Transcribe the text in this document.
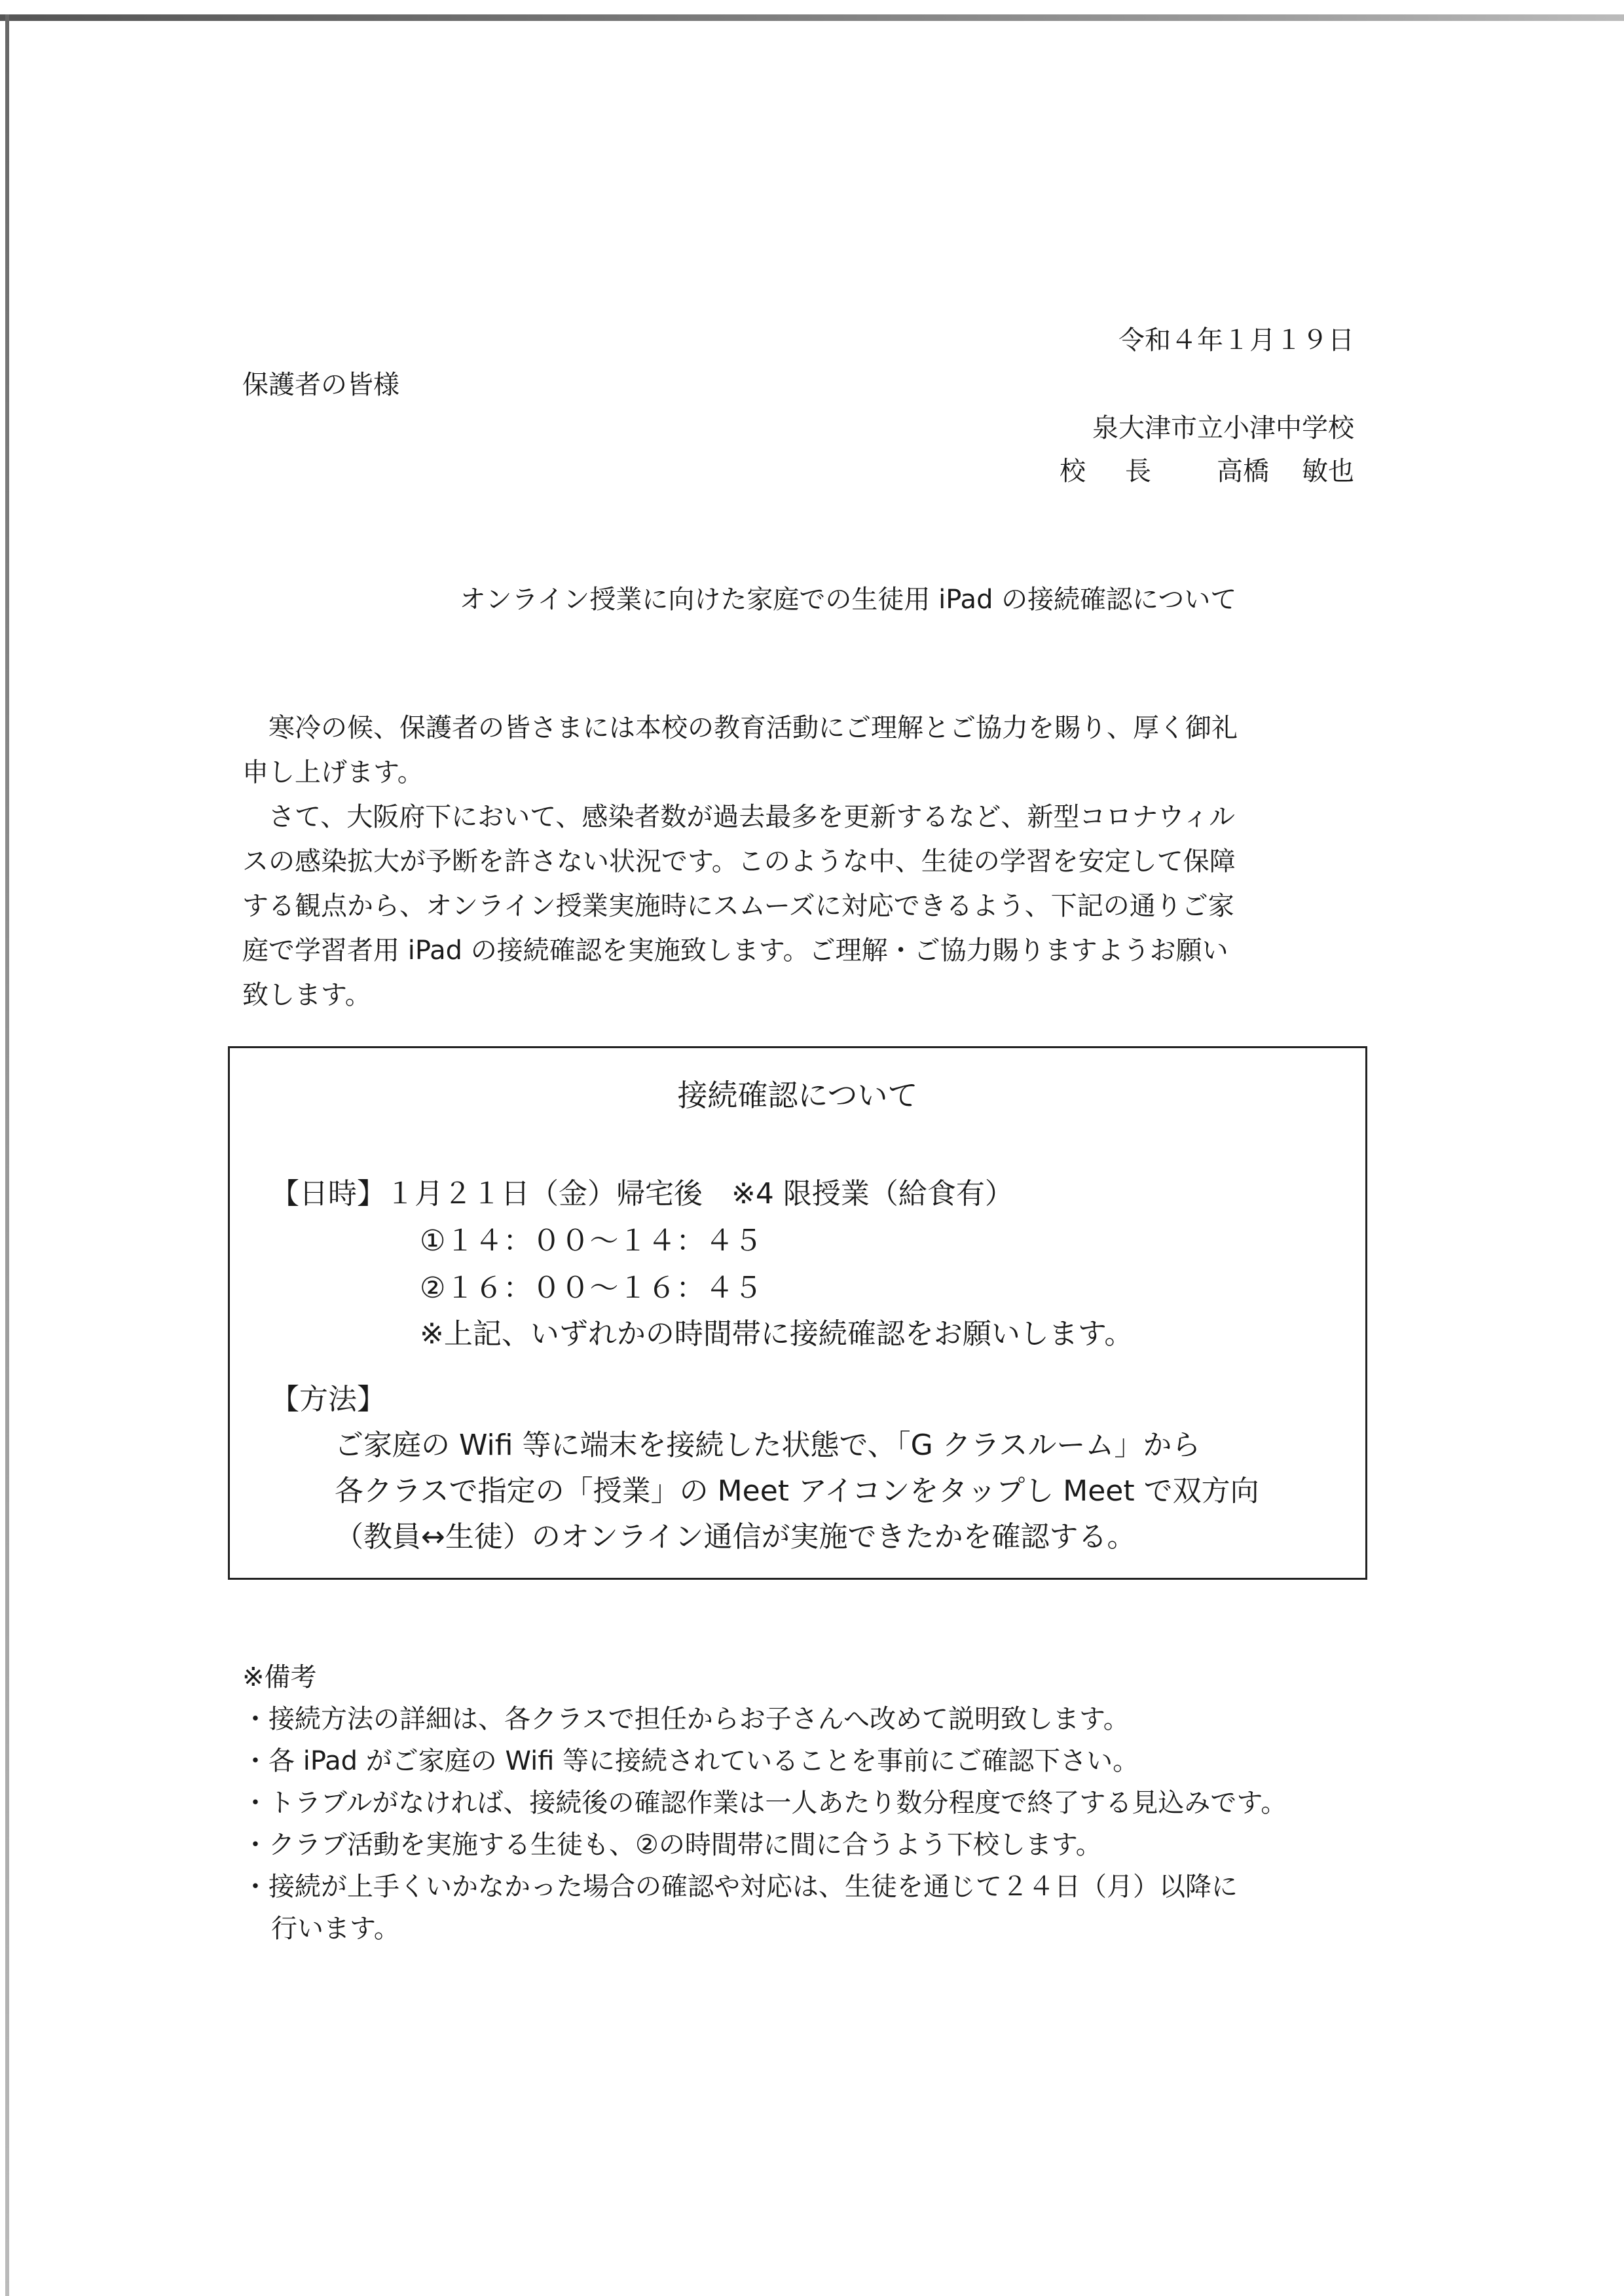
令和４年１月１９日
保護者の皆様
泉大津市立小津中学校
校 長	高橋 敏也
オンライン授業に向けた家庭での生徒用 iPad の接続確認について

　寒冷の候、保護者の皆さまには本校の教育活動にご理解とご協力を賜り、厚く御礼

申し上げます。

　さて、大阪府下において、感染者数が過去最多を更新するなど、新型コロナウィル

スの感染拡大が予断を許さない状況です。このような中、生徒の学習を安定して保障

する観点から、オンライン授業実施時にスムーズに対応できるよう、下記の通りご家

庭で学習者用 iPad の接続確認を実施致します。ご理解・ご協力賜りますようお願い

致します。

接続確認について
【日時】１月２１日（金）帰宅後　※4 限授業（給食有）
①１４：００～１４：４５
②１６：００～１６：４５
※上記、いずれかの時間帯に接続確認をお願いします。
【方法】
ご家庭の Wifi 等に端末を接続した状態で、「G クラスルーム」から
各クラスで指定の「授業」の Meet アイコンをタップし Meet で双方向
（教員↔生徒）のオンライン通信が実施できたかを確認する。

※備考

・接続方法の詳細は、各クラスで担任からお子さんへ改めて説明致します。

・各 iPad がご家庭の Wifi 等に接続されていることを事前にご確認下さい。

・トラブルがなければ、接続後の確認作業は一人あたり数分程度で終了する見込みです。

・クラブ活動を実施する生徒も、②の時間帯に間に合うよう下校します。

・接続が上手くいかなかった場合の確認や対応は、生徒を通じて２４日（月）以降に

行います。
